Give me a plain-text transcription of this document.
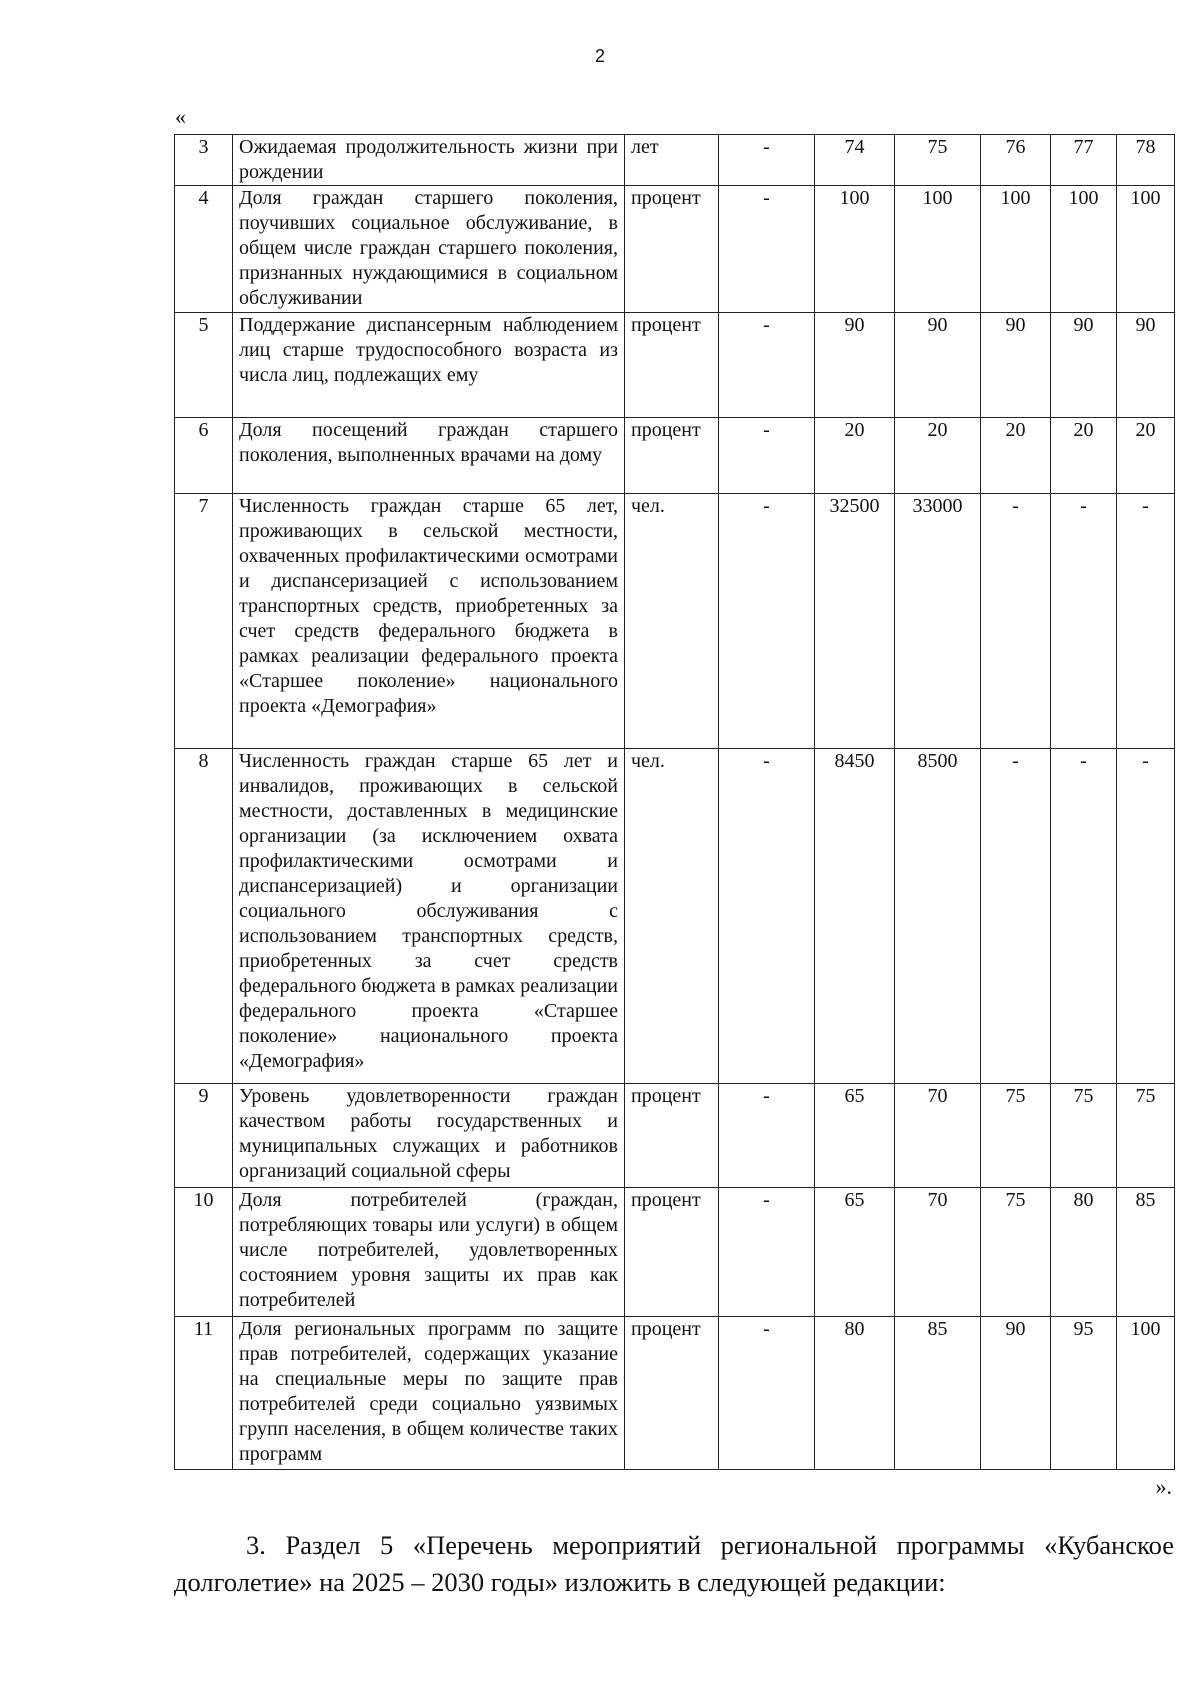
2
«
3	Ожидаемая продолжительность жизни при рождении	лет	-	74	75	76	77	78
4	Доля граждан старшего поколения, поучивших социальное обслуживание, в общем числе граждан старшего поколения, признанных нуждающимися в социальном обслуживании	процент	-	100	100	100	100	100
5	Поддержание диспансерным наблюдением лиц старше трудоспособного возраста из числа лиц, подлежащих ему	процент	-	90	90	90	90	90
6	Доля посещений граждан старшего поколения, выполненных врачами на дому	процент	-	20	20	20	20	20
7	Численность граждан старше 65 лет, проживающих в сельской местности, охваченных профилактическими осмотрами и диспансеризацией с использованием транспортных средств, приобретенных за счет средств федерального бюджета в рамках реализации федерального проекта «Старшее поколение» национального проекта «Демография»	чел.	-	32500	33000	-	-	-
8	Численность граждан старше 65 лет и инвалидов, проживающих в сельской местности, доставленных в медицинские организации (за исключением охвата профилактическими осмотрами и диспансеризацией) и организации социального обслуживания с использованием транспортных средств, приобретенных за счет средств федерального бюджета в рамках реализации федерального проекта «Старшее поколение» национального проекта «Демография»	чел.	-	8450	8500	-	-	-
9	Уровень удовлетворенности граждан качеством работы государственных и муниципальных служащих и работников организаций социальной сферы	процент	-	65	70	75	75	75
10	Доля потребителей (граждан, потребляющих товары или услуги) в общем числе потребителей, удовлетворенных состоянием уровня защиты их прав как потребителей	процент	-	65	70	75	80	85
11	Доля региональных программ по защите прав потребителей, содержащих указание на специальные меры по защите прав потребителей среди социально уязвимых групп населения, в общем количестве таких программ	процент	-	80	85	90	95	100
».

3. Раздел 5 «Перечень мероприятий региональной программы «Кубанское долголетие» на 2025 – 2030 годы» изложить в следующей редакции:
